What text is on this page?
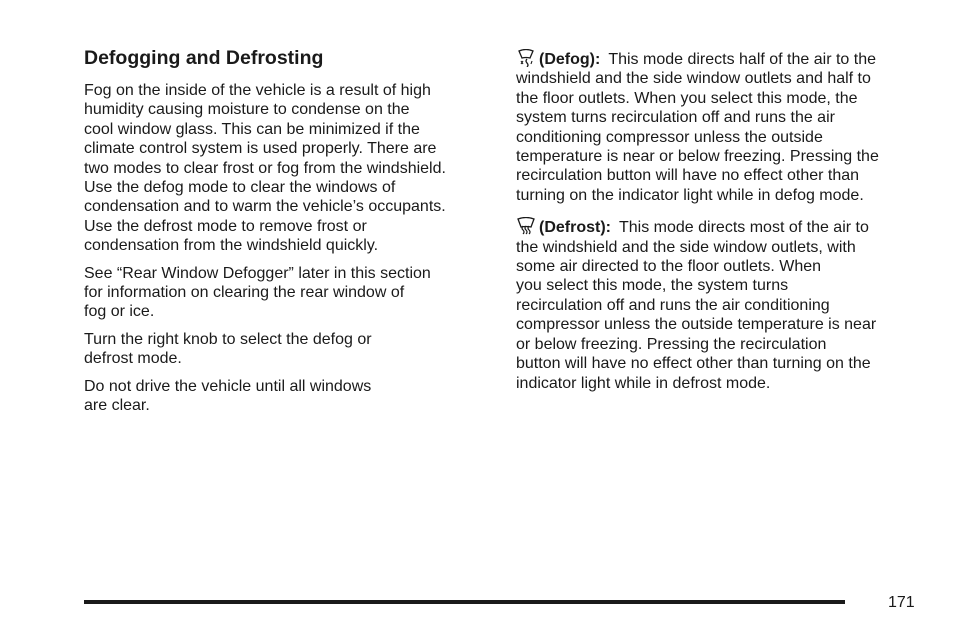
Defogging and Defrosting

Fog on the inside of the vehicle is a result of high
humidity causing moisture to condense on the
cool window glass. This can be minimized if the
climate control system is used properly. There are
two modes to clear frost or fog from the windshield.
Use the defog mode to clear the windows of
condensation and to warm the vehicle’s occupants.
Use the defrost mode to remove frost or
condensation from the windshield quickly.

See “Rear Window Defogger” later in this section
for information on clearing the rear window of
fog or ice.

Turn the right knob to select the defog or
defrost mode.

Do not drive the vehicle until all windows
are clear.

(Defog): This mode directs half of the air to the
windshield and the side window outlets and half to
the floor outlets. When you select this mode, the
system turns recirculation off and runs the air
conditioning compressor unless the outside
temperature is near or below freezing. Pressing the
recirculation button will have no effect other than
turning on the indicator light while in defog mode.

(Defrost): This mode directs most of the air to
the windshield and the side window outlets, with
some air directed to the floor outlets. When
you select this mode, the system turns
recirculation off and runs the air conditioning
compressor unless the outside temperature is near
or below freezing. Pressing the recirculation
button will have no effect other than turning on the
indicator light while in defrost mode.

171
